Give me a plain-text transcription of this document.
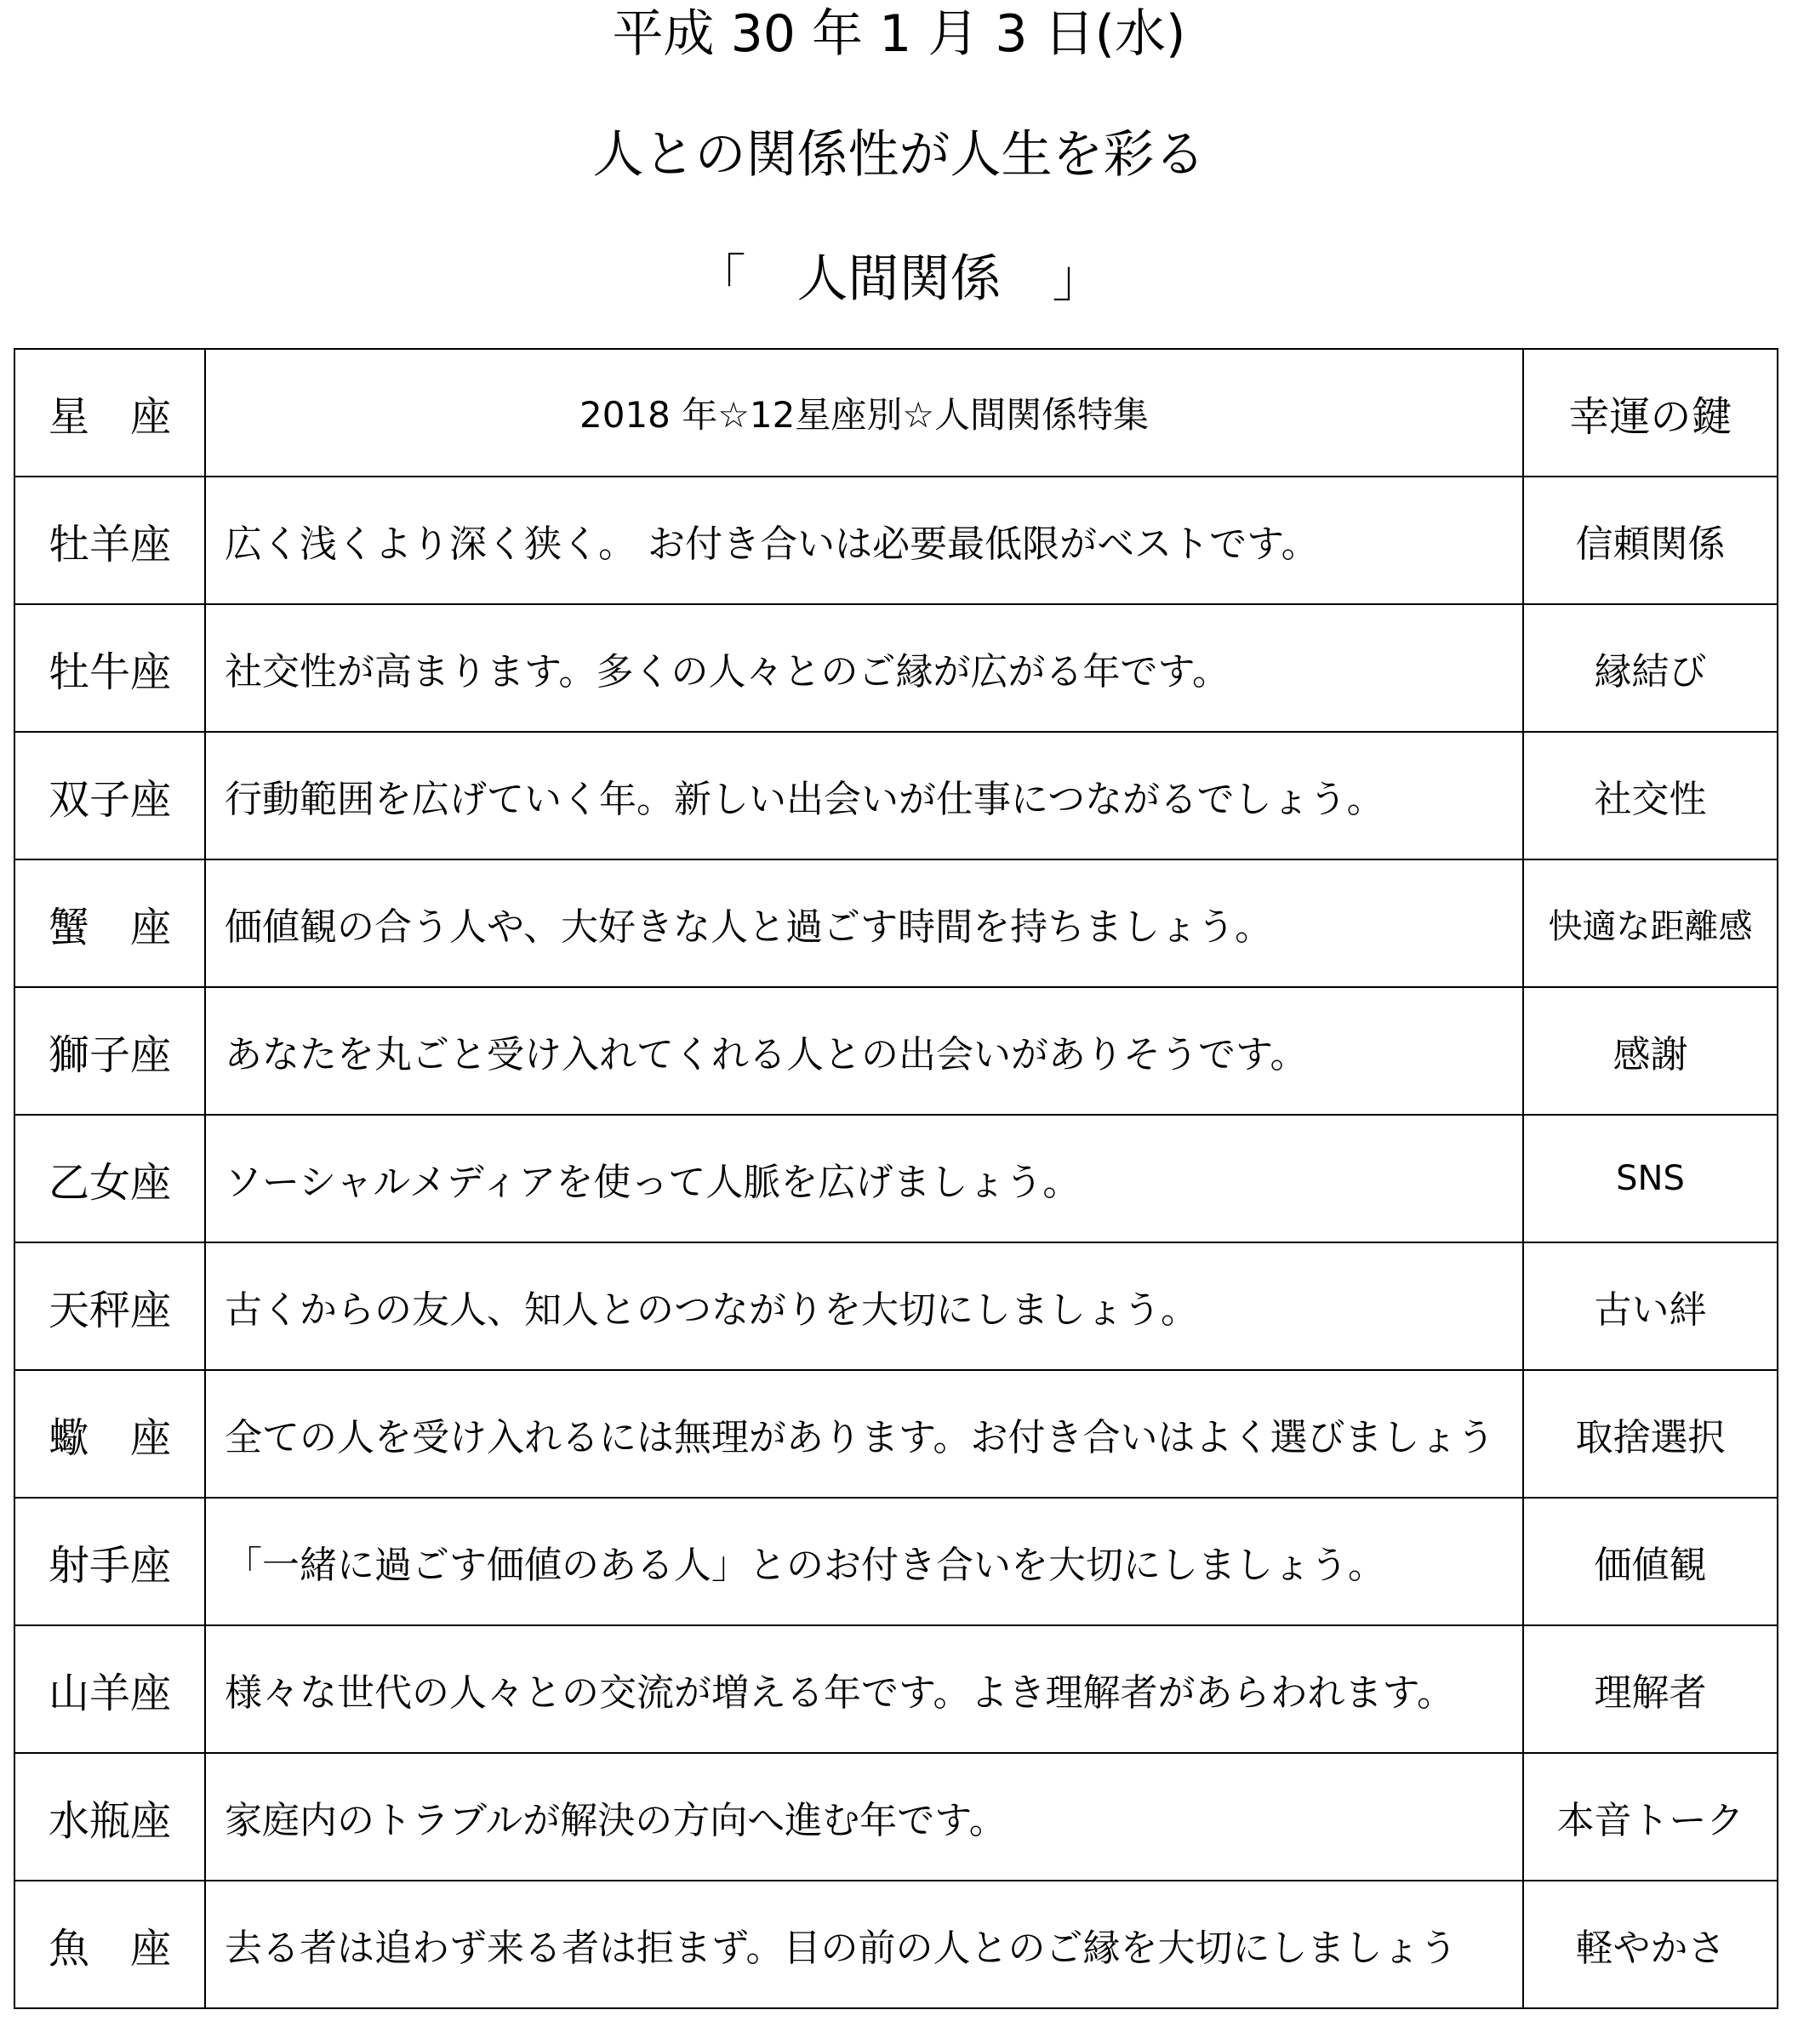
平成 30 年 1 月 3 日(水)
人との関係性が人生を彩る
「　人間関係　」
星　座	2018 年☆12星座別☆人間関係特集	幸運の鍵
牡羊座	広く浅くより深く狭く。 お付き合いは必要最低限がベストです。	信頼関係
牡牛座	社交性が高まります。多くの人々とのご縁が広がる年です。	縁結び
双子座	行動範囲を広げていく年。新しい出会いが仕事につながるでしょう。	社交性
蟹　座	価値観の合う人や、大好きな人と過ごす時間を持ちましょう。	快適な距離感
獅子座	あなたを丸ごと受け入れてくれる人との出会いがありそうです。	感謝
乙女座	ソーシャルメディアを使って人脈を広げましょう。	SNS
天秤座	古くからの友人、知人とのつながりを大切にしましょう。	古い絆
蠍　座	全ての人を受け入れるには無理があります。お付き合いはよく選びましょう	取捨選択
射手座	「一緒に過ごす価値のある人」とのお付き合いを大切にしましょう。	価値観
山羊座	様々な世代の人々との交流が増える年です。よき理解者があらわれます。	理解者
水瓶座	家庭内のトラブルが解決の方向へ進む年です。	本音トーク
魚　座	去る者は追わず来る者は拒まず。目の前の人とのご縁を大切にしましょう	軽やかさ
